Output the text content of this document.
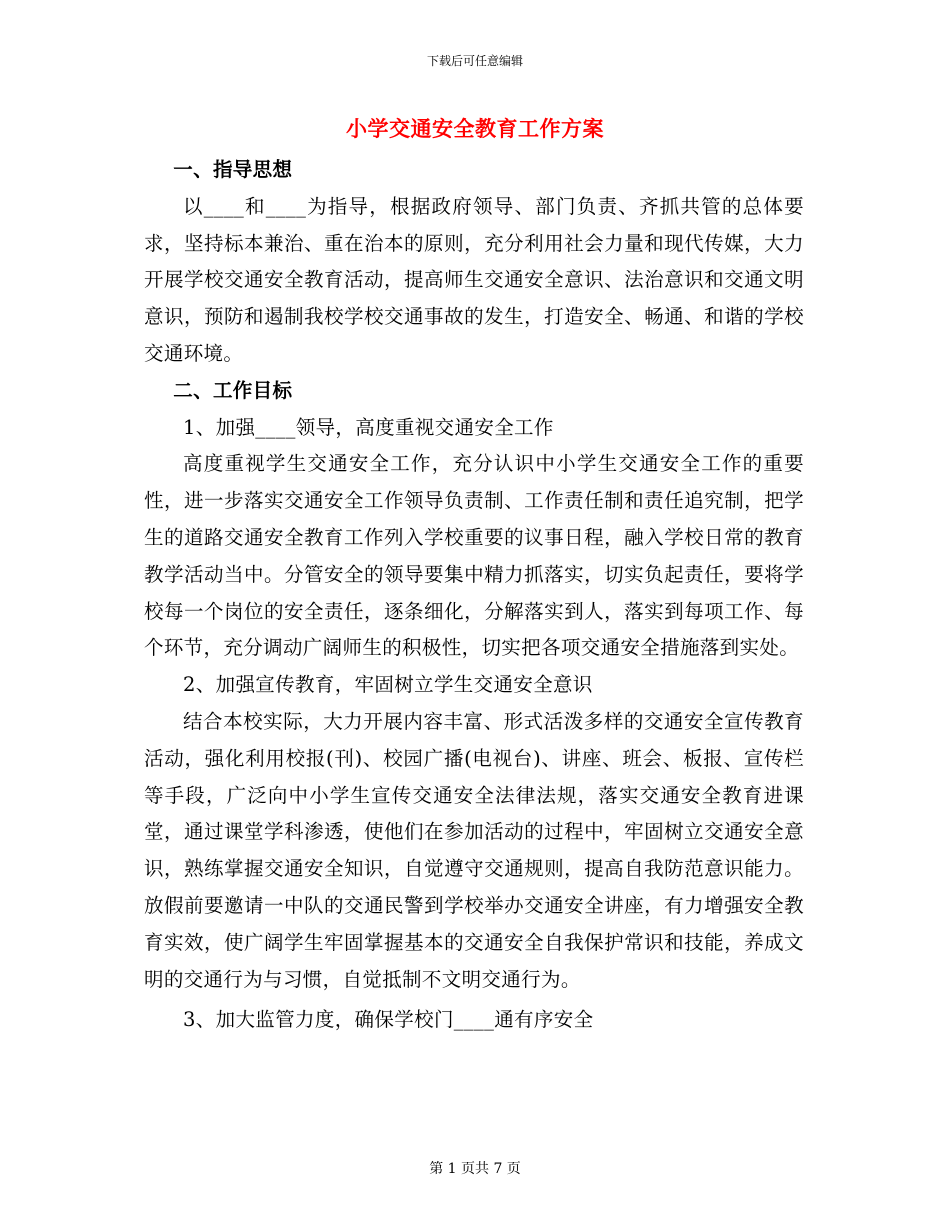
下载后可任意编辑
小学交通安全教育工作方案

一、指导思想

以____和____为指导，根据政府领导、部门负责、齐抓共管的总体要求，坚持标本兼治、重在治本的原则，充分利用社会力量和现代传媒，大力开展学校交通安全教育活动，提高师生交通安全意识、法治意识和交通文明意识，预防和遏制我校学校交通事故的发生，打造安全、畅通、和谐的学校交通环境。

二、工作目标

1、加强____领导，高度重视交通安全工作

高度重视学生交通安全工作，充分认识中小学生交通安全工作的重要性，进一步落实交通安全工作领导负责制、工作责任制和责任追究制，把学生的道路交通安全教育工作列入学校重要的议事日程，融入学校日常的教育教学活动当中。分管安全的领导要集中精力抓落实，切实负起责任，要将学校每一个岗位的安全责任，逐条细化，分解落实到人，落实到每项工作、每个环节，充分调动广阔师生的积极性，切实把各项交通安全措施落到实处。

2、加强宣传教育，牢固树立学生交通安全意识

结合本校实际，大力开展内容丰富、形式活泼多样的交通安全宣传教育活动，强化利用校报(刊)、校园广播(电视台)、讲座、班会、板报、宣传栏等手段，广泛向中小学生宣传交通安全法律法规，落实交通安全教育进课堂，通过课堂学科渗透，使他们在参加活动的过程中，牢固树立交通安全意识，熟练掌握交通安全知识，自觉遵守交通规则，提高自我防范意识能力。放假前要邀请一中队的交通民警到学校举办交通安全讲座，有力增强安全教育实效，使广阔学生牢固掌握基本的交通安全自我保护常识和技能，养成文明的交通行为与习惯，自觉抵制不文明交通行为。

3、加大监管力度，确保学校门____通有序安全

第 1 页共 7 页
